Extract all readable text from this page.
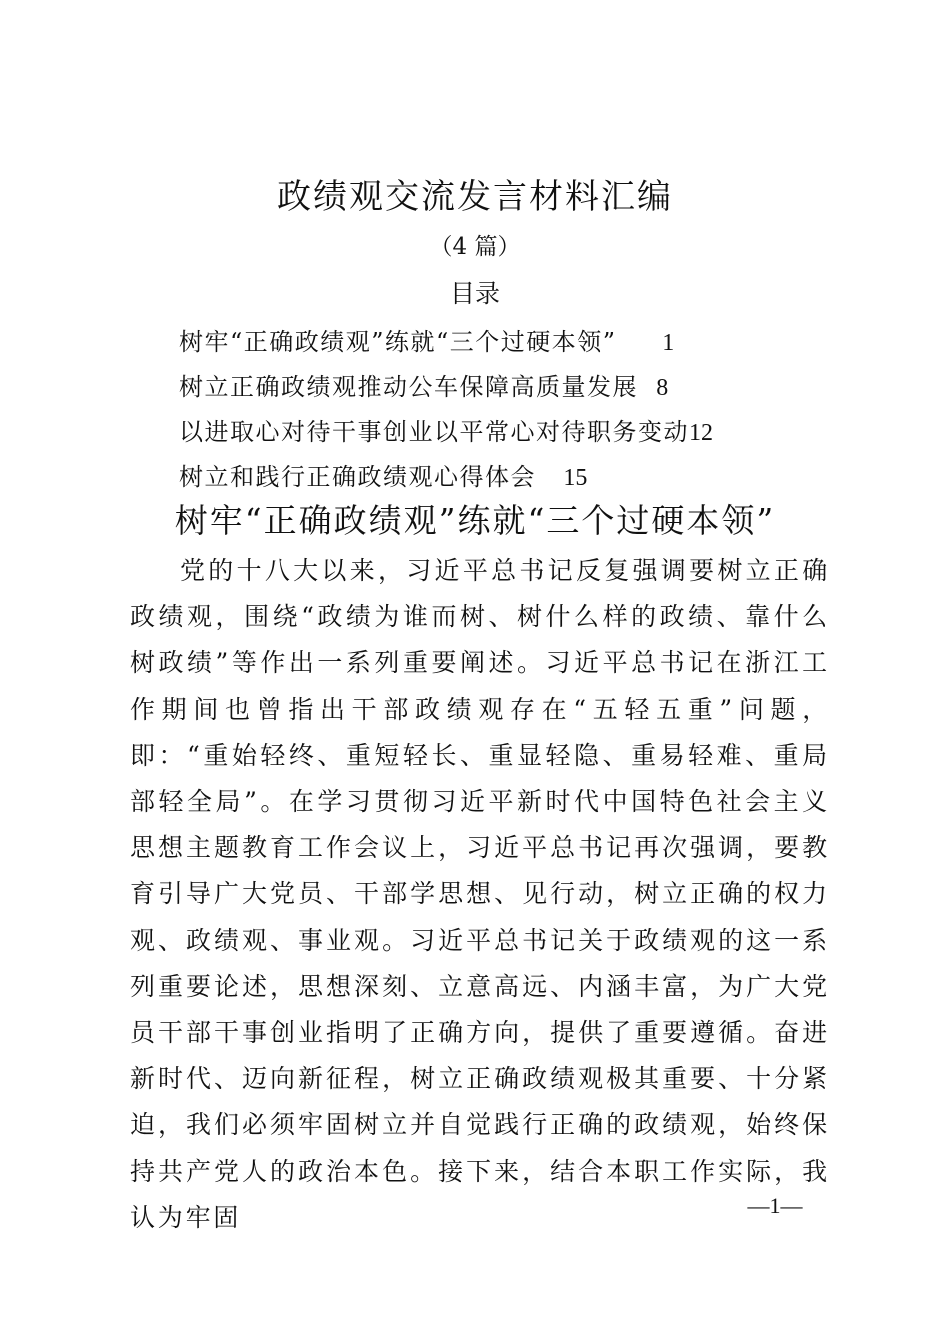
政绩观交流发言材料汇编
（4 篇）
目录
树牢“正确政绩观”练就“三个过硬本领” 1
树立正确政绩观推动公车保障高质量发展 8
以进取心对待干事创业以平常心对待职务变动12
树立和践行正确政绩观心得体会 15
树牢“正确政绩观”练就“三个过硬本领”

党的十八大以来，习近平总书记反复强调要树立正确政绩观，围绕“政绩为谁而树、树什么样的政绩、靠什么树政绩”等作出一系列重要阐述。习近平总书记在浙江工作期间也曾指出干部政绩观存在“五轻五重”问题，即：“重始轻终、重短轻长、重显轻隐、重易轻难、重局部轻全局”。在学习贯彻习近平新时代中国特色社会主义思想主题教育工作会议上，习近平总书记再次强调，要教育引导广大党员、干部学思想、见行动，树立正确的权力观、政绩观、事业观。习近平总书记关于政绩观的这一系列重要论述，思想深刻、立意高远、内涵丰富，为广大党员干部干事创业指明了正确方向，提供了重要遵循。奋进新时代、迈向新征程，树立正确政绩观极其重要、十分紧迫，我们必须牢固树立并自觉践行正确的政绩观，始终保持共产党人的政治本色。接下来，结合本职工作实际，我认为牢固	—1—
